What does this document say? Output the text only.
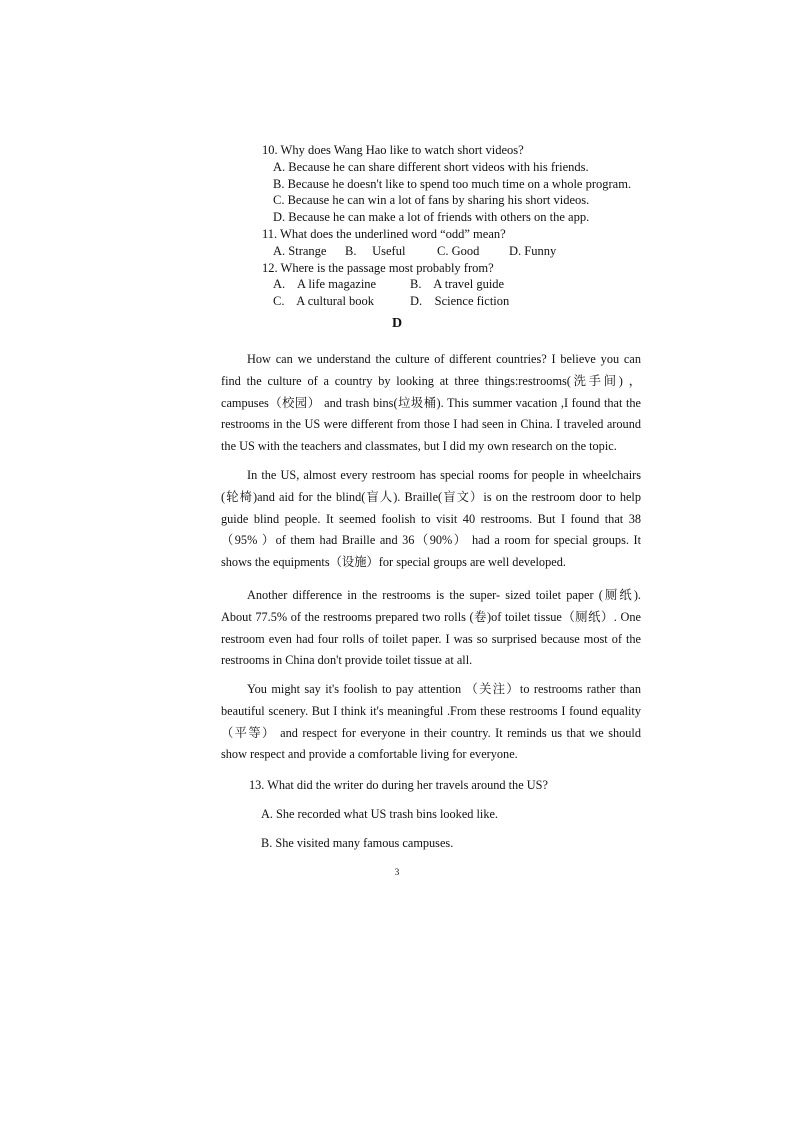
10. Why does Wang Hao like to watch short videos?
A. Because he can share different short videos with his friends.
B. Because he doesn't like to spend too much time on a whole program.
C. Because he can win a lot of fans by sharing his short videos.
D. Because he can make a lot of friends with others on the app.
11. What does the underlined word “odd” mean?
A. Strange B.     Useful	C. Good D. Funny
12. Where is the passage most probably from?
A.    A life magazine	B.    A travel guide
C.    A cultural book	D.    Science fiction
D

How can we understand the culture of different countries? I believe you can find the culture of a country by looking at three things:restrooms(洗手间) ，campuses（校园） and trash bins(垃圾桶). This summer vacation ,I found that the restrooms in the US were different from those I had seen in China. I traveled around the US with the teachers and classmates, but I did my own research on the topic.

In the US, almost every restroom has special rooms for people in wheelchairs (轮椅)and aid for the blind(盲人). Braille(盲文）is on the restroom door to help guide blind people. It seemed foolish to visit 40 restrooms. But I found that 38 （95% ）of them had Braille and 36（90%） had a room for special groups. It shows the equipments（设施）for special groups are well developed.

Another difference in the restrooms is the super- sized toilet paper (厕纸). About 77.5% of the restrooms prepared two rolls (卷)of toilet tissue（厕纸）. One restroom even had four rolls of toilet paper. I was so surprised because most of the restrooms in China don't provide toilet tissue at all.

You might say it's foolish to pay attention （关注）to restrooms rather than beautiful scenery. But I think it's meaningful .From these restrooms I found equality（平等） and respect for everyone in their country. It reminds us that we should show respect and provide a comfortable living for everyone.

13. What did the writer do during her travels around the US?
A. She recorded what US trash bins looked like.
B. She visited many famous campuses.
3
